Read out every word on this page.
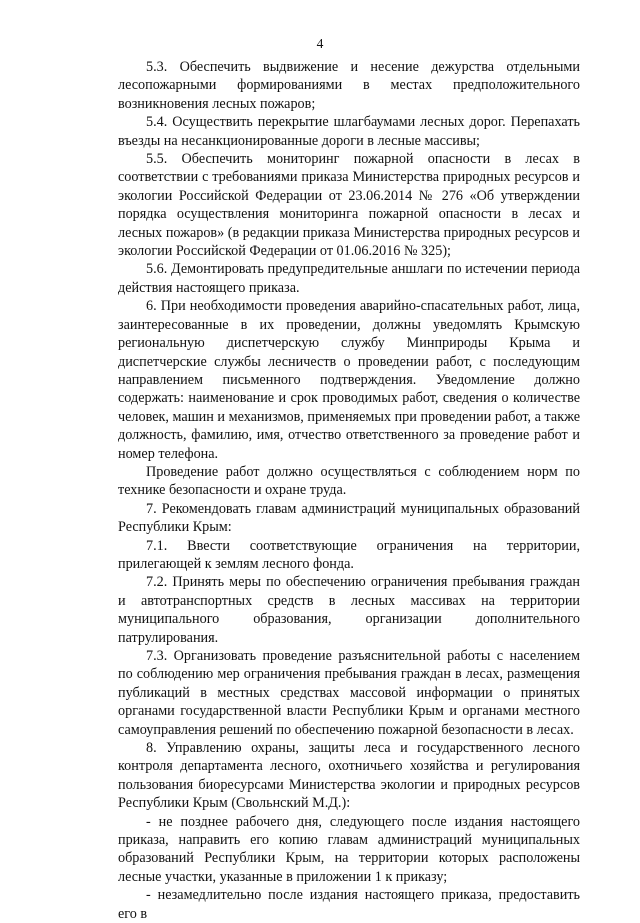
4

5.3. Обеспечить выдвижение и несение дежурства отдельными лесопожарными формированиями в местах предположительного возникновения лесных пожаров;

5.4. Осуществить перекрытие шлагбаумами лесных дорог. Перепахать въезды на несанкционированные дороги в лесные массивы;

5.5. Обеспечить мониторинг пожарной опасности в лесах в соответствии с требованиями приказа Министерства природных ресурсов и экологии Российской Федерации от 23.06.2014 № 276 «Об утверждении порядка осуществления мониторинга пожарной опасности в лесах и лесных пожаров» (в редакции приказа Министерства природных ресурсов и экологии Российской Федерации от 01.06.2016 № 325);

5.6. Демонтировать предупредительные аншлаги по истечении периода действия настоящего приказа.

6. При необходимости проведения аварийно-спасательных работ, лица, заинтересованные в их проведении, должны уведомлять Крымскую региональную диспетчерскую службу Минприроды Крыма и диспетчерские службы лесничеств о проведении работ, с последующим направлением письменного подтверждения. Уведомление должно содержать: наименование и срок проводимых работ, сведения о количестве человек, машин и механизмов, применяемых при проведении работ, а также должность, фамилию, имя, отчество ответственного за проведение работ и номер телефона.

Проведение работ должно осуществляться с соблюдением норм по технике безопасности и охране труда.

7. Рекомендовать главам администраций муниципальных образований Республики Крым:

7.1. Ввести соответствующие ограничения на территории, прилегающей к землям лесного фонда.

7.2. Принять меры по обеспечению ограничения пребывания граждан и автотранспортных средств в лесных массивах на территории муниципального образования, организации дополнительного патрулирования.

7.3. Организовать проведение разъяснительной работы с населением по соблюдению мер ограничения пребывания граждан в лесах, размещения публикаций в местных средствах массовой информации о принятых органами государственной власти Республики Крым и органами местного самоуправления решений по обеспечению пожарной безопасности в лесах.

8. Управлению охраны, защиты леса и государственного лесного контроля департамента лесного, охотничьего хозяйства и регулирования пользования биоресурсами Министерства экологии и природных ресурсов Республики Крым (Свольнский М.Д.):

- не позднее рабочего дня, следующего после издания настоящего приказа, направить его копию главам администраций муниципальных образований Республики Крым, на территории которых расположены лесные участки, указанные в приложении 1 к приказу;

- незамедлительно после издания настоящего приказа, предоставить его в
